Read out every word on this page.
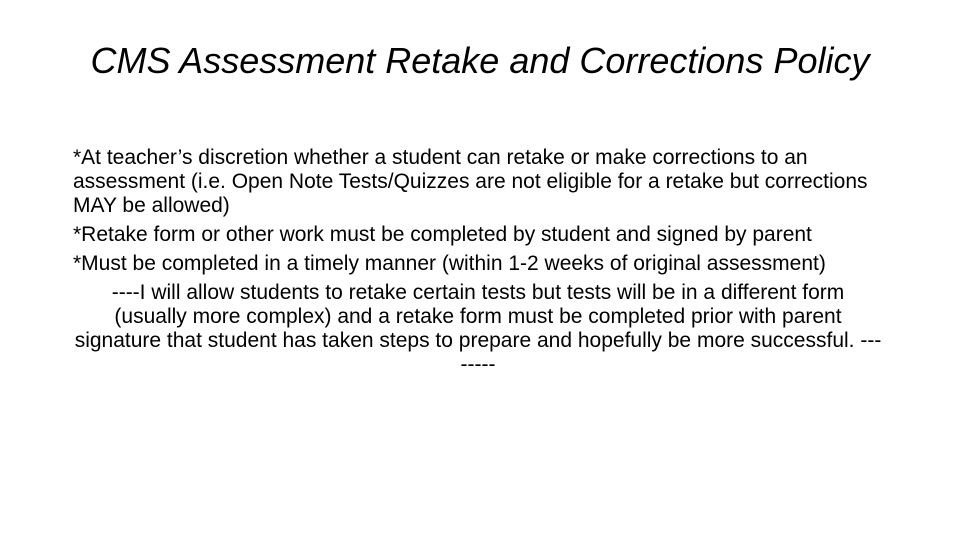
CMS Assessment Retake and Corrections Policy

*At teacher’s discretion whether a student can retake or make corrections to an assessment (i.e. Open Note Tests/Quizzes are not eligible for a retake but corrections MAY be allowed)

*Retake form or other work must be completed by student and signed by parent

*Must be completed in a timely manner (within 1-2 weeks of original assessment)

----I will allow students to retake certain tests but tests will be in a different form (usually more complex) and a retake form must be completed prior with parent signature that student has taken steps to prepare and hopefully be more successful. --------
